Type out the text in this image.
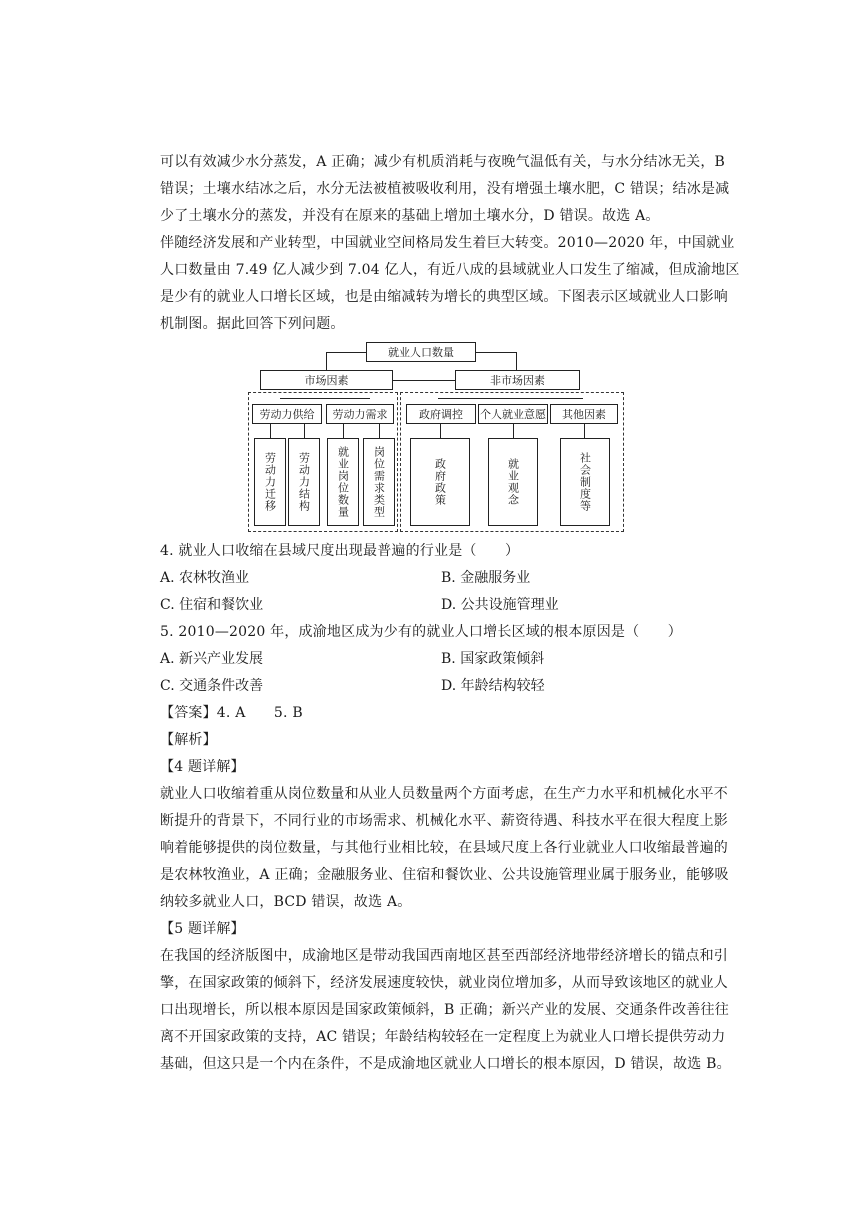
可以有效减少水分蒸发，A 正确；减少有机质消耗与夜晚气温低有关，与水分结冰无关，B
错误；土壤水结冰之后，水分无法被植被吸收利用，没有增强土壤水肥，C 错误；结冰是减
少了土壤水分的蒸发，并没有在原来的基础上增加土壤水分，D 错误。故选 A。
伴随经济发展和产业转型，中国就业空间格局发生着巨大转变。2010—2020 年，中国就业
人口数量由 7.49 亿人减少到 7.04 亿人，有近八成的县域就业人口发生了缩减，但成渝地区
是少有的就业人口增长区域，也是由缩减转为增长的典型区域。下图表示区域就业人口影响
机制图。据此回答下列问题。
就业人口数量
市场因素	非市场因素
劳动力供给	劳动力需求	政府调控	个人就业意愿	其他因素
劳动力迁移 劳动力结构 就业岗位数量 岗位需求类型	政府政策	就业观念	社会制度等
4. 就业人口收缩在县域尺度出现最普遍的行业是（　　）
A. 农林牧渔业	B. 金融服务业
C. 住宿和餐饮业	D. 公共设施管理业
5. 2010—2020 年，成渝地区成为少有的就业人口增长区域的根本原因是（　　）
A. 新兴产业发展	B. 国家政策倾斜
C. 交通条件改善	D. 年龄结构较轻
【答案】4. A　　5. B
【解析】
【4 题详解】
就业人口收缩着重从岗位数量和从业人员数量两个方面考虑，在生产力水平和机械化水平不
断提升的背景下，不同行业的市场需求、机械化水平、薪资待遇、科技水平在很大程度上影
响着能够提供的岗位数量，与其他行业相比较，在县域尺度上各行业就业人口收缩最普遍的
是农林牧渔业，A 正确；金融服务业、住宿和餐饮业、公共设施管理业属于服务业，能够吸
纳较多就业人口，BCD 错误，故选 A。
【5 题详解】
在我国的经济版图中，成渝地区是带动我国西南地区甚至西部经济地带经济增长的锚点和引
擎，在国家政策的倾斜下，经济发展速度较快，就业岗位增加多，从而导致该地区的就业人
口出现增长，所以根本原因是国家政策倾斜，B 正确；新兴产业的发展、交通条件改善往往
离不开国家政策的支持，AC 错误；年龄结构较轻在一定程度上为就业人口增长提供劳动力
基础，但这只是一个内在条件，不是成渝地区就业人口增长的根本原因，D 错误，故选 B。
